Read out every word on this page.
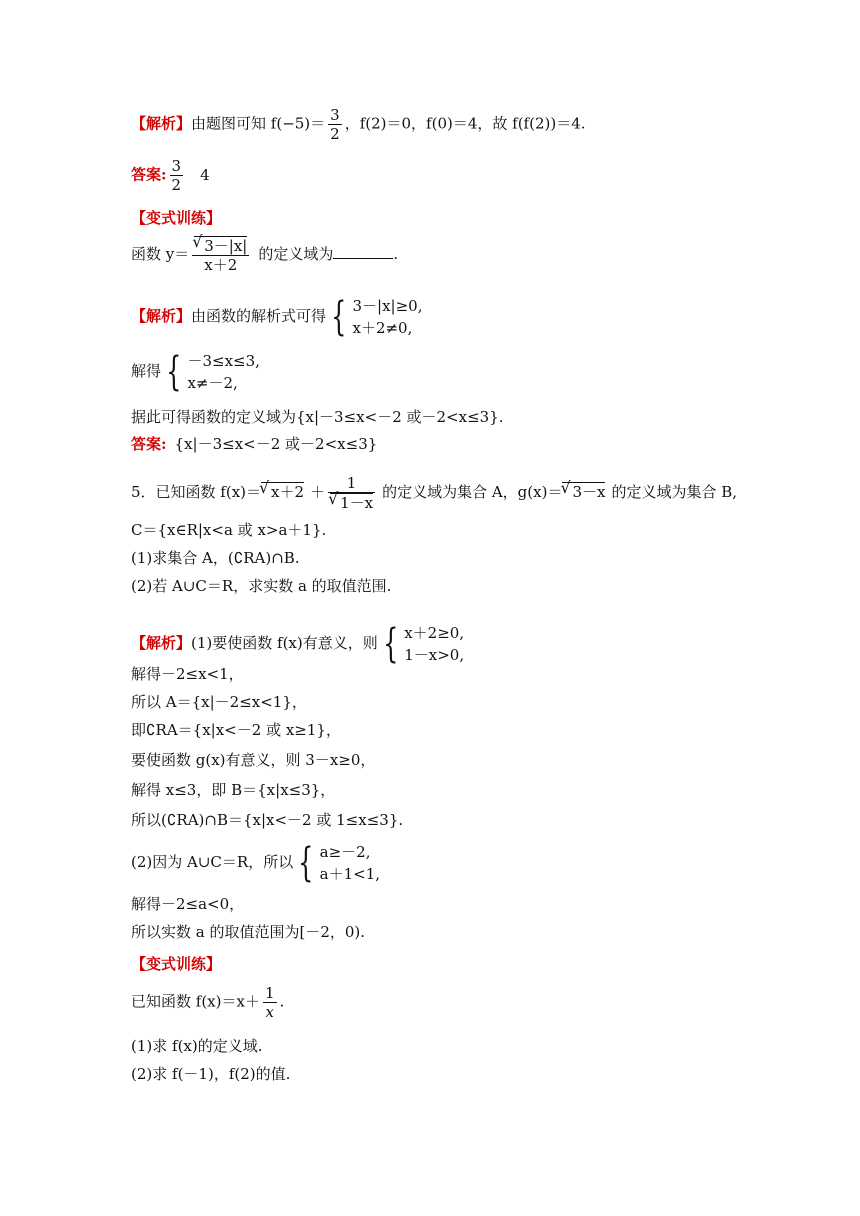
【解析】由题图可知 $f(-5)= \frac{3}{2}$ ，f(2)＝0，f(0)＝4，故 f(f(2))＝4.
答案: $\frac{3}{2} 4$
【变式训练】
函数 y＝ √ $\frac{3-|x|}{x+2}$ 的定义域为	.
【解析】由函数的解析式可得 { 3－|x|≥0,
x＋2≠0,
解得 { －3≤x≤3,
x≠－2,
据此可得函数的定义域为{x|－3≤x<－2 或－2<x≤3}.
答案: {x|－3≤x<－2 或－2<x≤3}
5．已知函数 f(x)＝ √ x＋2 ＋ 1
√ 1－x 的定义域为集合 A，g(x)＝ √ 3－x 的定义域为集合 B,
C＝{x∈R|x<a 或 x>a＋1}.
(1)求集合 A，(∁RA)∩B.
(2)若 A∪C＝R，求实数 a 的取值范围.
【解析】(1)要使函数 f(x)有意义，则 { x＋2≥0,
1－x>0,
解得－2≤x<1，
所以 A＝{x|－2≤x<1}，
即∁RA＝{x|x<－2 或 x≥1}，
要使函数 g(x)有意义，则 3－x≥0，
解得 x≤3，即 B＝{x|x≤3}，
所以(∁RA)∩B＝{x|x<－2 或 1≤x≤3}.
(2)因为 A∪C＝R，所以 { a≥－2,
a＋1<1,
解得－2≤a<0，
所以实数 a 的取值范围为[－2，0).
【变式训练】
已知函数 $f(x)=x+ \frac{1}{x}$ .
(1)求 f(x)的定义域.
(2)求 f(－1)，f(2)的值.
